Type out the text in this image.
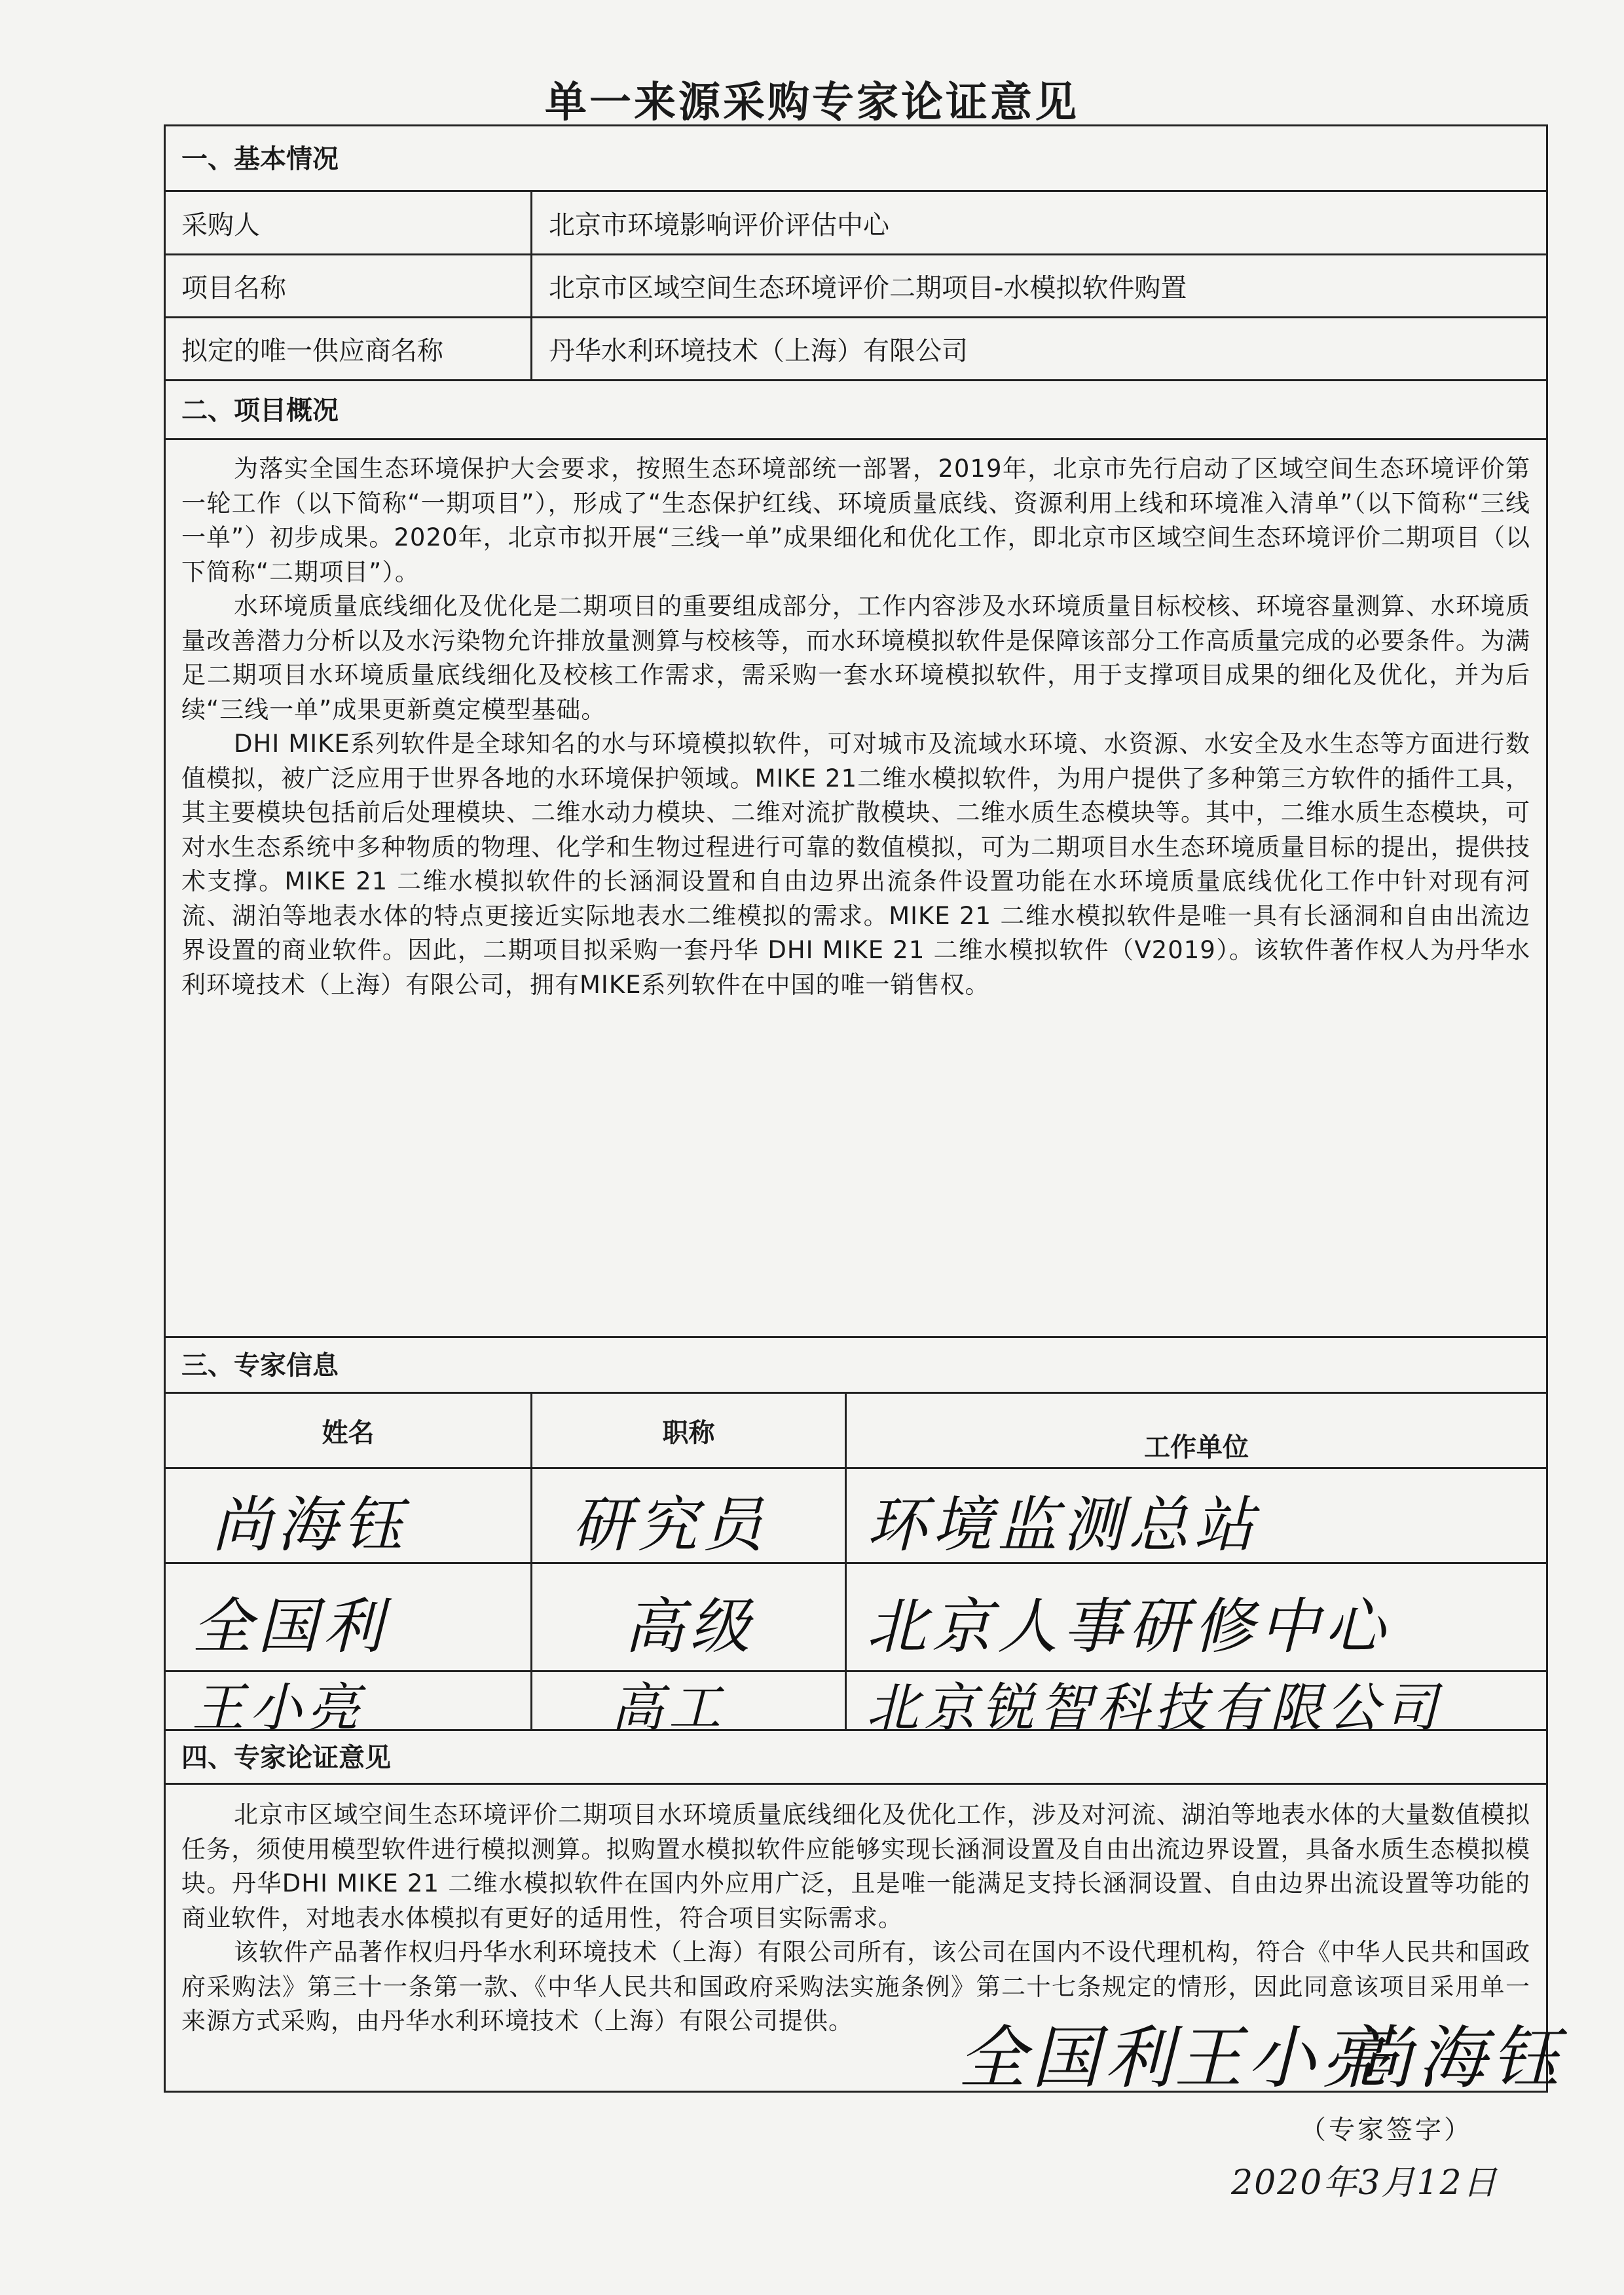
单一来源采购专家论证意见
一、基本情况
采购人	北京市环境影响评价评估中心
项目名称	北京市区域空间生态环境评价二期项目-水模拟软件购置
拟定的唯一供应商名称	丹华水利环境技术（上海）有限公司
二、项目概况

为落实全国生态环境保护大会要求，按照生态环境部统一部署，2019年，北京市先行启动了区域空间生态环境评价第一轮工作（以下简称“一期项目”），形成了“生态保护红线、环境质量底线、资源利用上线和环境准入清单”（以下简称“三线一单”）初步成果。2020年，北京市拟开展“三线一单”成果细化和优化工作，即北京市区域空间生态环境评价二期项目（以下简称“二期项目”）。

水环境质量底线细化及优化是二期项目的重要组成部分，工作内容涉及水环境质量目标校核、环境容量测算、水环境质量改善潜力分析以及水污染物允许排放量测算与校核等，而水环境模拟软件是保障该部分工作高质量完成的必要条件。为满足二期项目水环境质量底线细化及校核工作需求，需采购一套水环境模拟软件，用于支撑项目成果的细化及优化，并为后续“三线一单”成果更新奠定模型基础。

DHI MIKE系列软件是全球知名的水与环境模拟软件，可对城市及流域水环境、水资源、水安全及水生态等方面进行数值模拟，被广泛应用于世界各地的水环境保护领域。MIKE 21二维水模拟软件，为用户提供了多种第三方软件的插件工具，其主要模块包括前后处理模块、二维水动力模块、二维对流扩散模块、二维水质生态模块等。其中，二维水质生态模块，可对水生态系统中多种物质的物理、化学和生物过程进行可靠的数值模拟，可为二期项目水生态环境质量目标的提出，提供技术支撑。MIKE 21 二维水模拟软件的长涵洞设置和自由边界出流条件设置功能在水环境质量底线优化工作中针对现有河流、湖泊等地表水体的特点更接近实际地表水二维模拟的需求。MIKE 21 二维水模拟软件是唯一具有长涵洞和自由出流边界设置的商业软件。因此，二期项目拟采购一套丹华 DHI MIKE 21 二维水模拟软件（V2019）。该软件著作权人为丹华水利环境技术（上海）有限公司，拥有MIKE系列软件在中国的唯一销售权。

三、专家信息
姓名	职称	工作单位
尚海钰	研究员 环境监测总站
全国利	高级 北京人事研修中心
王小亮	高工	北京锐智科技有限公司
四、专家论证意见

北京市区域空间生态环境评价二期项目水环境质量底线细化及优化工作，涉及对河流、湖泊等地表水体的大量数值模拟任务，须使用模型软件进行模拟测算。拟购置水模拟软件应能够实现长涵洞设置及自由出流边界设置，具备水质生态模拟模块。丹华DHI MIKE 21 二维水模拟软件在国内外应用广泛，且是唯一能满足支持长涵洞设置、自由边界出流设置等功能的商业软件，对地表水体模拟有更好的适用性，符合项目实际需求。

该软件产品著作权归丹华水利环境技术（上海）有限公司所有，该公司在国内不设代理机构，符合《中华人民共和国政府采购法》第三十一条第一款、《中华人民共和国政府采购法实施条例》第二十七条规定的情形，因此同意该项目采用单一来源方式采购，由丹华水利环境技术（上海）有限公司提供。	全国利
王小亮
尚海钰
（专家签字）
2020年3月12日
